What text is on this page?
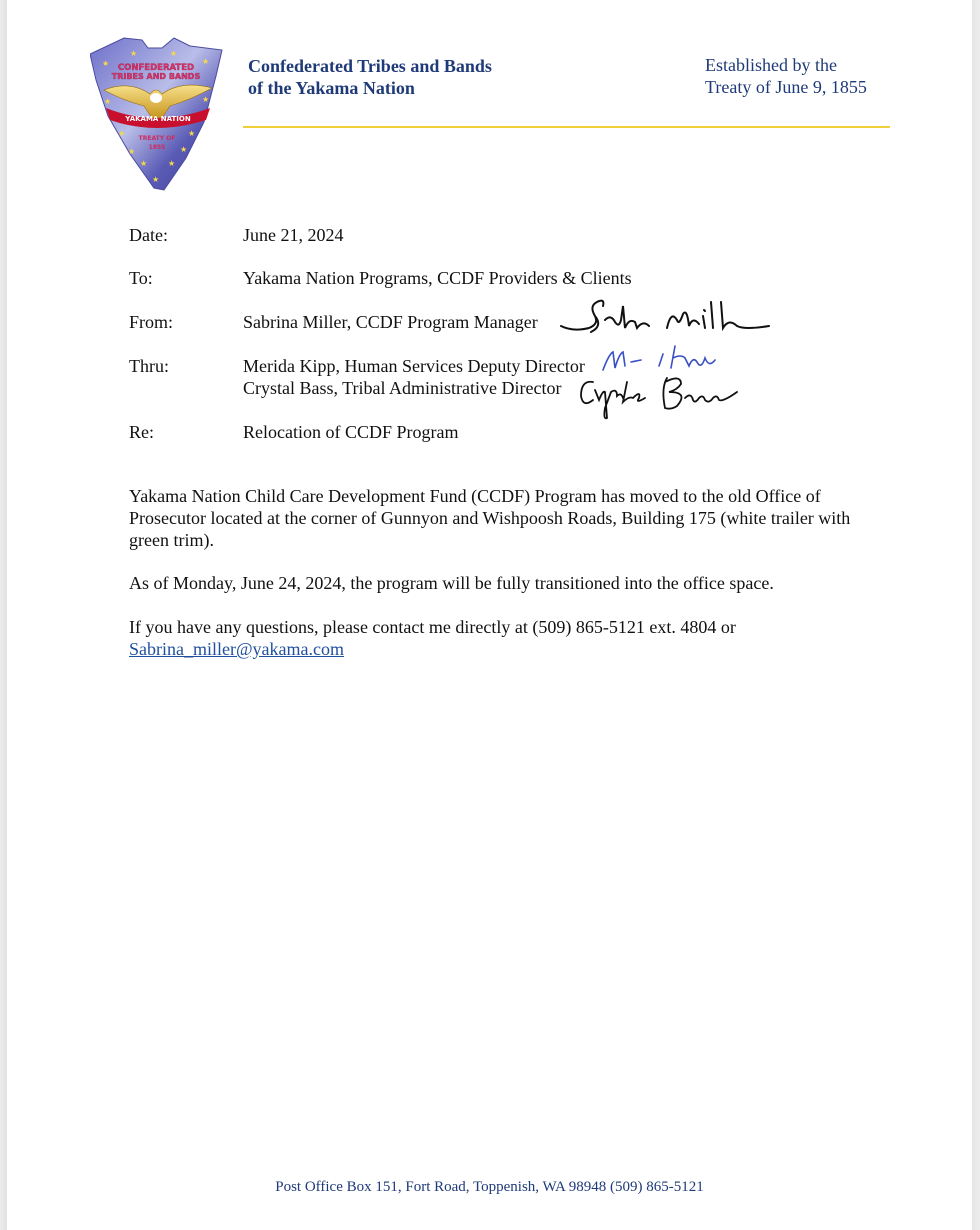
CONFEDERATED
TRIBES AND BANDS
YAKAMA NATION
TREATY OF
1855
★	★
★
★
★	★
★	★
★	★
★	★
★
Confederated Tribes and Bands
of the Yakama Nation
Established by the
Treaty of June 9, 1855
Date:	June 21, 2024
To:	Yakama Nation Programs, CCDF Providers & Clients
From:	Sabrina Miller, CCDF Program Manager
Thru:	Merida Kipp, Human Services Deputy Director
Crystal Bass, Tribal Administrative Director
Re:	Relocation of CCDF Program

Yakama Nation Child Care Development Fund (CCDF) Program has moved to the old Office of Prosecutor located at the corner of Gunnyon and Wishpoosh Roads, Building 175 (white trailer with green trim).

As of Monday, June 24, 2024, the program will be fully transitioned into the office space.

If you have any questions, please contact me directly at (509) 865-5121 ext. 4804 or
Sabrina_miller@yakama.com

Post Office Box 151, Fort Road, Toppenish, WA 98948 (509) 865-5121
